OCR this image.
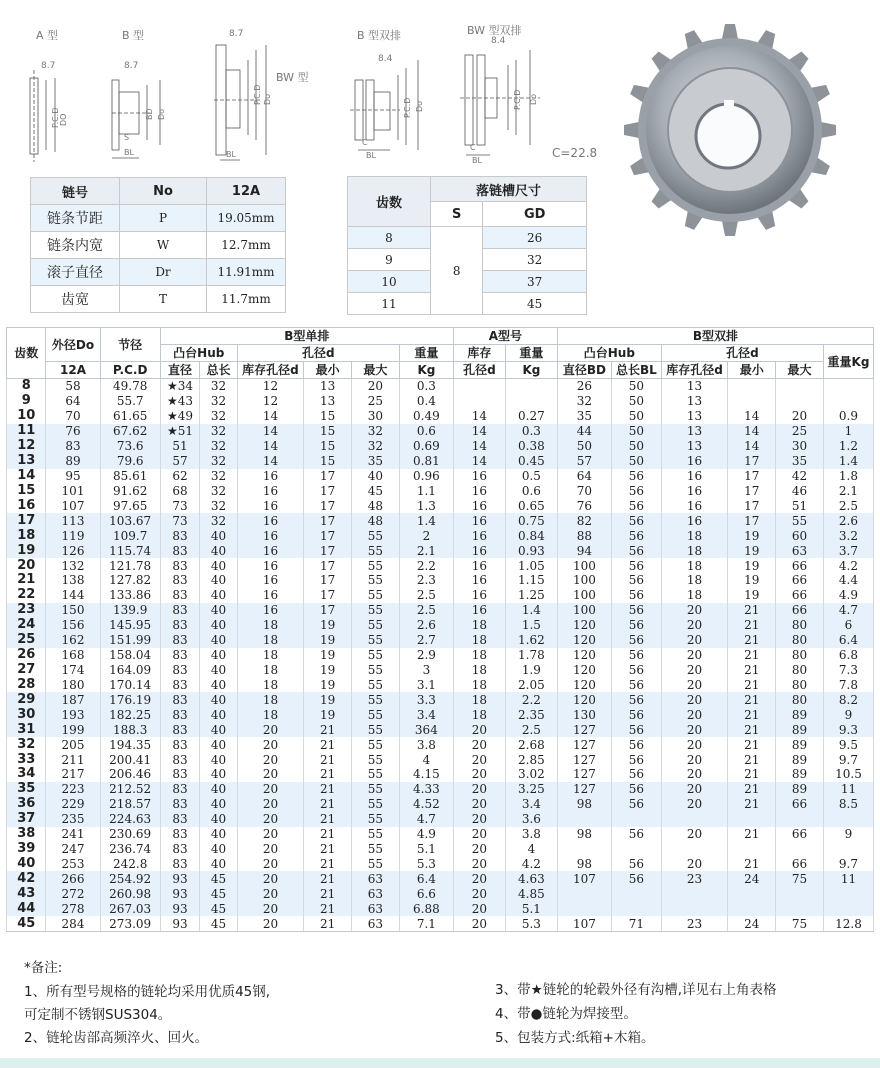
A 型	B 型	B 型双排	BW 型双排
BW 型
C=22.8
8.7	8.7
8.7
8.4
8.4
P.C.D DO	BD Do
S
BL
P.C.D Do
BL
P.C.D Do
BL
C
P.C.D Do
BL
C
链号	No	12A
链条节距	P	19.05mm
链条内宽	W	12.7mm
滚子直径	Dr	11.91mm
齿宽	T	11.7mm
齿数	落链槽尺寸	
	S	GD
8	8	26
9		32
10		37
11		45
齿数	外径Do	节径	B型单排						A型号		B型双排					
			凸台Hub		孔径d			重量	库存	重量	凸台Hub		孔径d			重量Kg
	12A	P.C.D	直径	总长	库存孔径d	最小	最大	Kg	孔径d	Kg	直径BD	总长BL	库存孔径d	最小	最大	
8	58	49.78	★34	32	12	13	20	0.3			26	50	13			
9	64	55.7	★43	32	12	13	25	0.4			32	50	13			
10	70	61.65	★49	32	14	15	30	0.49	14	0.27	35	50	13	14	20	0.9
11	76	67.62	★51	32	14	15	32	0.6	14	0.3	44	50	13	14	25	1
12	83	73.6	51	32	14	15	32	0.69	14	0.38	50	50	13	14	30	1.2
13	89	79.6	57	32	14	15	35	0.81	14	0.45	57	50	16	17	35	1.4
14	95	85.61	62	32	16	17	40	0.96	16	0.5	64	56	16	17	42	1.8
15	101	91.62	68	32	16	17	45	1.1	16	0.6	70	56	16	17	46	2.1
16	107	97.65	73	32	16	17	48	1.3	16	0.65	76	56	16	17	51	2.5
17	113	103.67	73	32	16	17	48	1.4	16	0.75	82	56	16	17	55	2.6
18	119	109.7	83	40	16	17	55	2	16	0.84	88	56	18	19	60	3.2
19	126	115.74	83	40	16	17	55	2.1	16	0.93	94	56	18	19	63	3.7
20	132	121.78	83	40	16	17	55	2.2	16	1.05	100	56	18	19	66	4.2
21	138	127.82	83	40	16	17	55	2.3	16	1.15	100	56	18	19	66	4.4
22	144	133.86	83	40	16	17	55	2.5	16	1.25	100	56	18	19	66	4.9
23	150	139.9	83	40	16	17	55	2.5	16	1.4	100	56	20	21	66	4.7
24	156	145.95	83	40	18	19	55	2.6	18	1.5	120	56	20	21	80	6
25	162	151.99	83	40	18	19	55	2.7	18	1.62	120	56	20	21	80	6.4
26	168	158.04	83	40	18	19	55	2.9	18	1.78	120	56	20	21	80	6.8
27	174	164.09	83	40	18	19	55	3	18	1.9	120	56	20	21	80	7.3
28	180	170.14	83	40	18	19	55	3.1	18	2.05	120	56	20	21	80	7.8
29	187	176.19	83	40	18	19	55	3.3	18	2.2	120	56	20	21	80	8.2
30	193	182.25	83	40	18	19	55	3.4	18	2.35	130	56	20	21	89	9
31	199	188.3	83	40	20	21	55	364	20	2.5	127	56	20	21	89	9.3
32	205	194.35	83	40	20	21	55	3.8	20	2.68	127	56	20	21	89	9.5
33	211	200.41	83	40	20	21	55	4	20	2.85	127	56	20	21	89	9.7
34	217	206.46	83	40	20	21	55	4.15	20	3.02	127	56	20	21	89	10.5
35	223	212.52	83	40	20	21	55	4.33	20	3.25	127	56	20	21	89	11
36	229	218.57	83	40	20	21	55	4.52	20	3.4	98	56	20	21	66	8.5
37	235	224.63	83	40	20	21	55	4.7	20	3.6						
38	241	230.69	83	40	20	21	55	4.9	20	3.8	98	56	20	21	66	9
39	247	236.74	83	40	20	21	55	5.1	20	4						
40	253	242.8	83	40	20	21	55	5.3	20	4.2	98	56	20	21	66	9.7
42	266	254.92	93	45	20	21	63	6.4	20	4.63	107	56	23	24	75	11
43	272	260.98	93	45	20	21	63	6.6	20	4.85						
44	278	267.03	93	45	20	21	63	6.88	20	5.1						
45	284	273.09	93	45	20	21	63	7.1	20	5.3	107	71	23	24	75	12.8
*备注:
1、所有型号规格的链轮均采用优质45钢,
可定制不锈钢SUS304。
2、链轮齿部高频淬火、回火。
3、带★链轮的轮毂外径有沟槽,详见右上角表格
4、带●链轮为焊接型。
5、包装方式:纸箱+木箱。
